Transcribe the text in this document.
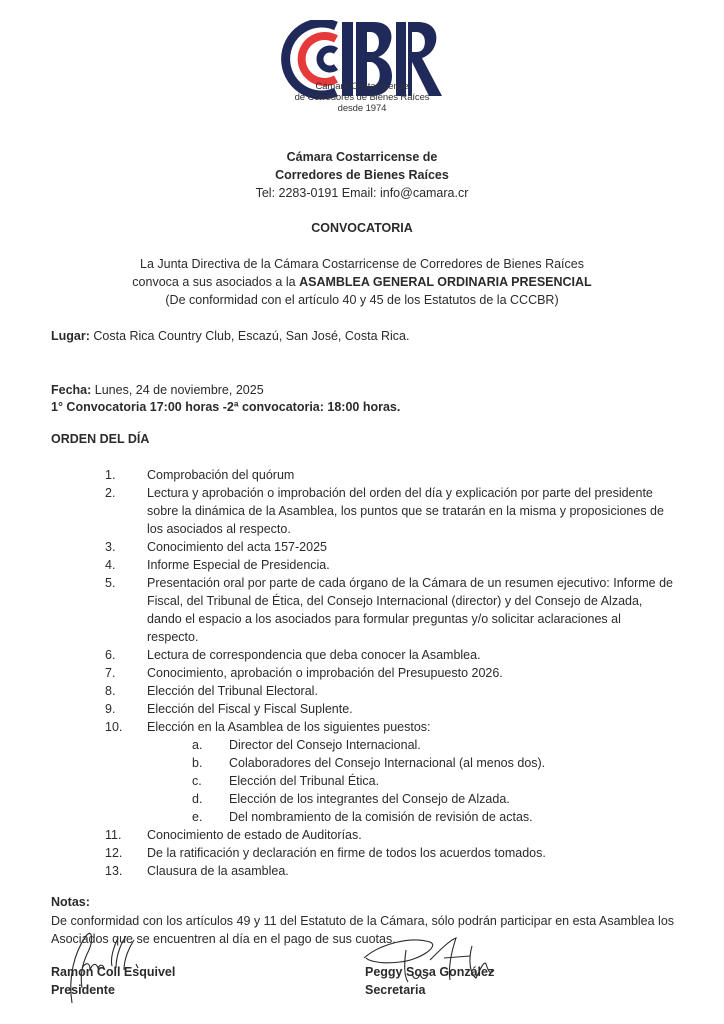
Cámara Costarricense
de Corredores de Bienes Raíces
desde 1974
Cámara Costarricense de
Corredores de Bienes Raíces
Tel: 2283-0191 Email: info@camara.cr
CONVOCATORIA
La Junta Directiva de la Cámara Costarricense de Corredores de Bienes Raíces
convoca a sus asociados a la ASAMBLEA GENERAL ORDINARIA PRESENCIAL
(De conformidad con el artículo 40 y 45 de los Estatutos de la CCCBR)
Lugar: Costa Rica Country Club, Escazú, San José, Costa Rica.
Fecha: Lunes, 24 de noviembre, 2025
1° Convocatoria 17:00 horas -2ª convocatoria: 18:00 horas.
ORDEN DEL DÍA
1.	Comprobación del quórum
2.	Lectura y aprobación o improbación del orden del día y explicación por parte del presidente sobre la dinámica de la Asamblea, los puntos que se tratarán en la misma y proposiciones de los asociados al respecto.
3.	Conocimiento del acta 157-2025
4.	Informe Especial de Presidencia.
5.	Presentación oral por parte de cada órgano de la Cámara de un resumen ejecutivo: Informe de Fiscal, del Tribunal de Ética, del Consejo Internacional (director) y del Consejo de Alzada, dando el espacio a los asociados para formular preguntas y/o solicitar aclaraciones al respecto.
6.	Lectura de correspondencia que deba conocer la Asamblea.
7.	Conocimiento, aprobación o improbación del Presupuesto 2026.
8.	Elección del Tribunal Electoral.
9.	Elección del Fiscal y Fiscal Suplente.
10. Elección en la Asamblea de los siguientes puestos:
a. Director del Consejo Internacional.
b. Colaboradores del Consejo Internacional (al menos dos).
c. Elección del Tribunal Ética.
d. Elección de los integrantes del Consejo de Alzada.
e. Del nombramiento de la comisión de revisión de actas.
11. Conocimiento de estado de Auditorías.
12. De la ratificación y declaración en firme de todos los acuerdos tomados.
13. Clausura de la asamblea.
Notas:
De conformidad con los artículos 49 y 11 del Estatuto de la Cámara, sólo podrán participar en esta Asamblea los Asociados que se encuentren al día en el pago de sus cuotas.
Ramon Coll Esquivel
Presidente
Peggy Sosa González
Secretaria
